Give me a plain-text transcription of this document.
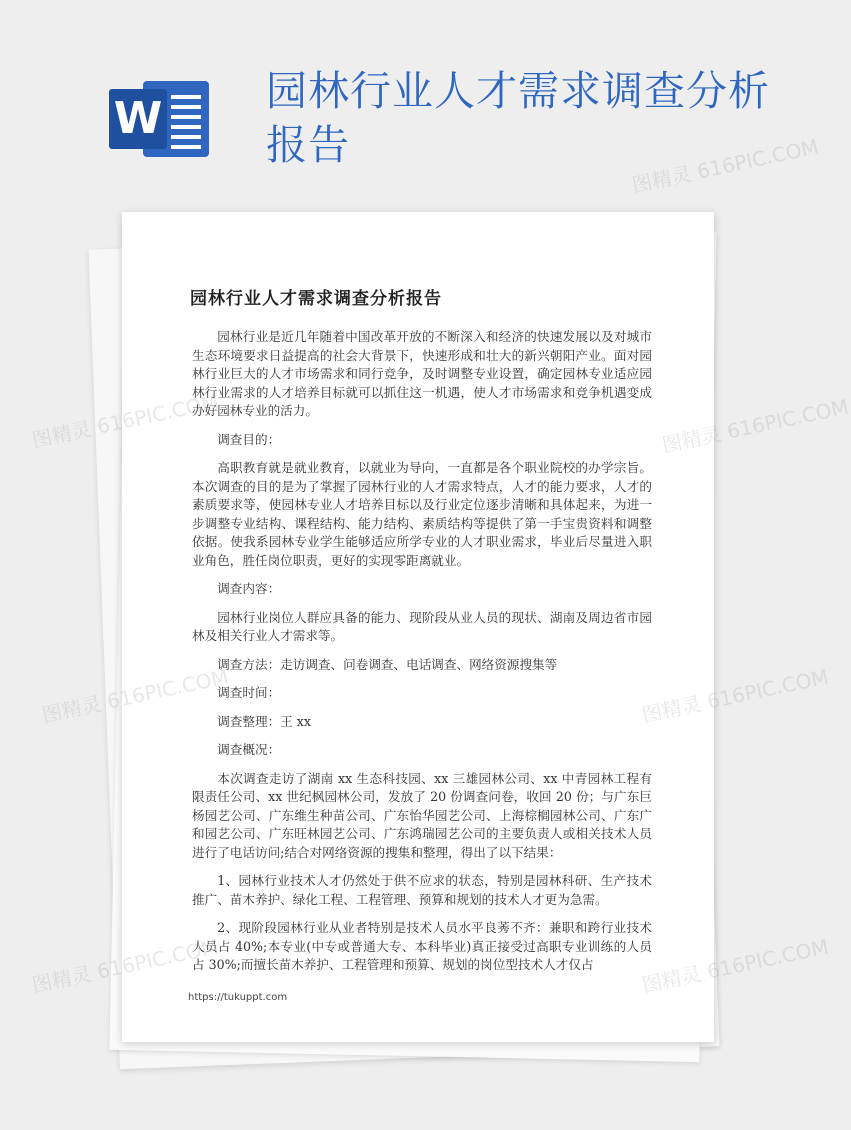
W
园林行业人才需求调查分析报告
园林行业人才需求调查分析报告

园林行业是近几年随着中国改革开放的不断深入和经济的快速发展以及对城市生态环境要求日益提高的社会大背景下，快速形成和壮大的新兴朝阳产业。面对园林行业巨大的人才市场需求和同行竞争，及时调整专业设置，确定园林专业适应园林行业需求的人才培养目标就可以抓住这一机遇，使人才市场需求和竞争机遇变成办好园林专业的活力。

调查目的：

高职教育就是就业教育，以就业为导向，一直都是各个职业院校的办学宗旨。本次调查的目的是为了掌握了园林行业的人才需求特点，人才的能力要求，人才的素质要求等，使园林专业人才培养目标以及行业定位逐步清晰和具体起来，为进一步调整专业结构、课程结构、能力结构、素质结构等提供了第一手宝贵资料和调整依据。使我系园林专业学生能够适应所学专业的人才职业需求，毕业后尽量进入职业角色，胜任岗位职责，更好的实现零距离就业。

调查内容：

园林行业岗位人群应具备的能力、现阶段从业人员的现状、湖南及周边省市园林及相关行业人才需求等。

调查方法：走访调查、问卷调查、电话调查、网络资源搜集等

调查时间：

调查整理：王 xx

调查概况：

本次调查走访了湖南 xx 生态科技园、xx 三雄园林公司、xx 中青园林工程有限责任公司、xx 世纪枫园林公司，发放了 20 份调查问卷，收回 20 份；与广东巨杨园艺公司、广东维生种苗公司、广东怡华园艺公司、上海棕榈园林公司、广东广和园艺公司、广东旺林园艺公司、广东鸿瑞园艺公司的主要负责人或相关技术人员进行了电话访问;结合对网络资源的搜集和整理，得出了以下结果：

1、园林行业技术人才仍然处于供不应求的状态，特别是园林科研、生产技术推广、苗木养护、绿化工程、工程管理、预算和规划的技术人才更为急需。

2、现阶段园林行业从业者特别是技术人员水平良莠不齐：兼职和跨行业技术人员占 40%;本专业(中专或普通大专、本科毕业)真正接受过高职专业训练的人员占 30%;而擅长苗木养护、工程管理和预算、规划的岗位型技术人才仅占

https://tukuppt.com
图精灵 616PIC.COM
图精灵 616PIC.COM	图精灵 616PIC.COM
图精灵 616PIC.COM	图精灵 616PIC.COM
图精灵 616PIC.COM	图精灵 616PIC.COM
